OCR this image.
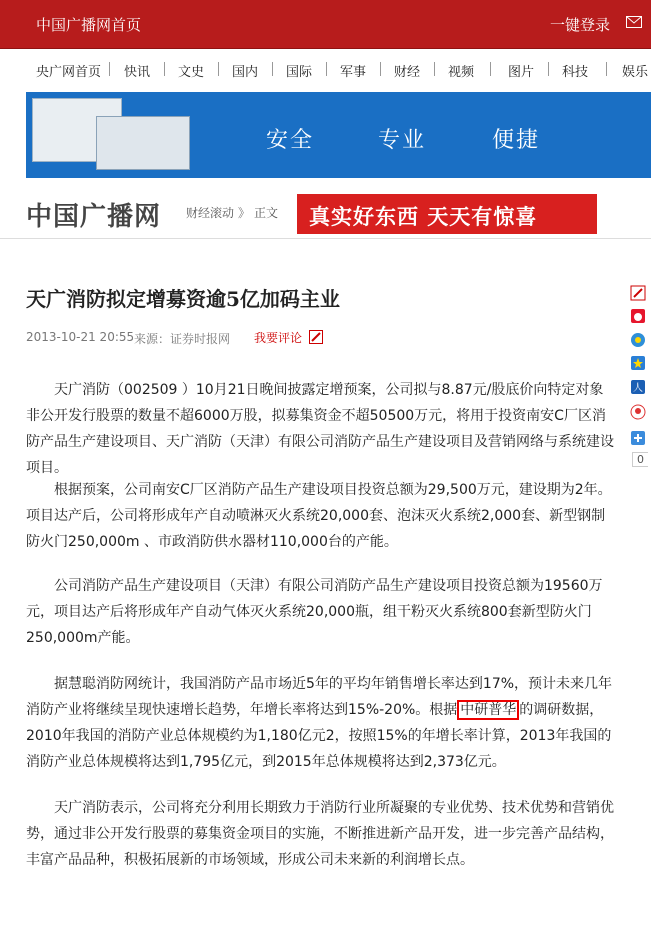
中国广播网首页	一键登录
央广网首页 快讯 文史 国内 国际 军事 财经 视频	图片 科技	娱乐
安全	专业	便捷
中国广播网 财经滚动 》 正文 真实好东西 天天有惊喜
天广消防拟定增募资逾5亿加码主业
2013-10-21 20:55 来源：证券时报网 我要评论

　　天广消防（002509 ）10月21日晚间披露定增预案，公司拟与8.87元/股底价向特定对象非公开发行股票的数量不超6000万股，拟募集资金不超50500万元，将用于投资南安C厂区消防产品生产建设项目、天广消防（天津）有限公司消防产品生产建设项目及营销网络与系统建设项目。

　　根据预案，公司南安C厂区消防产品生产建设项目投资总额为29,500万元，建设期为2年。项目达产后，公司将形成年产自动喷淋灭火系统20,000套、泡沫灭火系统2,000套、新型钢制防火门250,000m 、市政消防供水器材110,000台的产能。

　　公司消防产品生产建设项目（天津）有限公司消防产品生产建设项目投资总额为19560万元，项目达产后将形成年产自动气体灭火系统20,000瓶，组干粉灭火系统800套新型防火门250,000m产能。

　　据慧聪消防网统计，我国消防产品市场近5年的平均年销售增长率达到17%，预计未来几年消防产业将继续呈现快速增长趋势，年增长率将达到15%-20%。根据 中研普华 的调研数据，2010年我国的消防产业总体规模约为1,180亿元2，按照15%的年增长率计算，2013年我国的消防产业总体规模将达到1,795亿元，到2015年总体规模将达到2,373亿元。

　　天广消防表示，公司将充分利用长期致力于消防行业所凝聚的专业优势、技术优势和营销优势，通过非公开发行股票的募集资金项目的实施，不断推进新产品开发，进一步完善产品结构，丰富产品品种，积极拓展新的市场领域，形成公司未来新的利润增长点。

人
0
